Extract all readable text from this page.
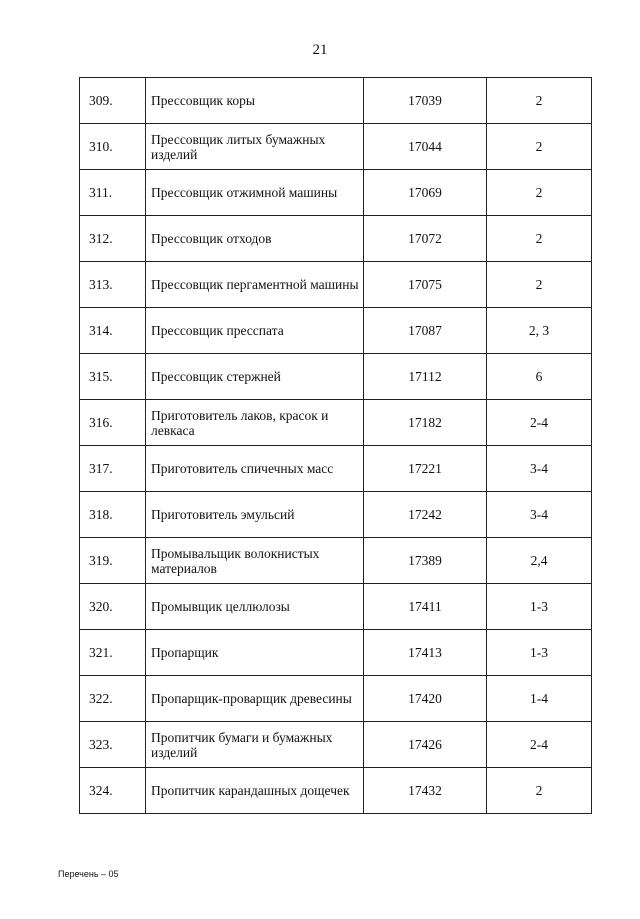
21
309.	Прессовщик коры	17039	2
310.	Прессовщик литых бумажных изделий	17044	2
311.	Прессовщик отжимной машины	17069	2
312.	Прессовщик отходов	17072	2
313.	Прессовщик пергаментной машины	17075	2
314.	Прессовщик пресспата	17087	2, 3
315.	Прессовщик стержней	17112	6
316.	Приготовитель лаков, красок и левкаса	17182	2-4
317.	Приготовитель спичечных масс	17221	3-4
318.	Приготовитель эмульсий	17242	3-4
319.	Промывальщик волокнистых материалов	17389	2,4
320.	Промывщик целлюлозы	17411	1-3
321.	Пропарщик	17413	1-3
322.	Пропарщик-проварщик древесины	17420	1-4
323.	Пропитчик бумаги и бумажных изделий	17426	2-4
324.	Пропитчик карандашных дощечек	17432	2
Перечень – 05
